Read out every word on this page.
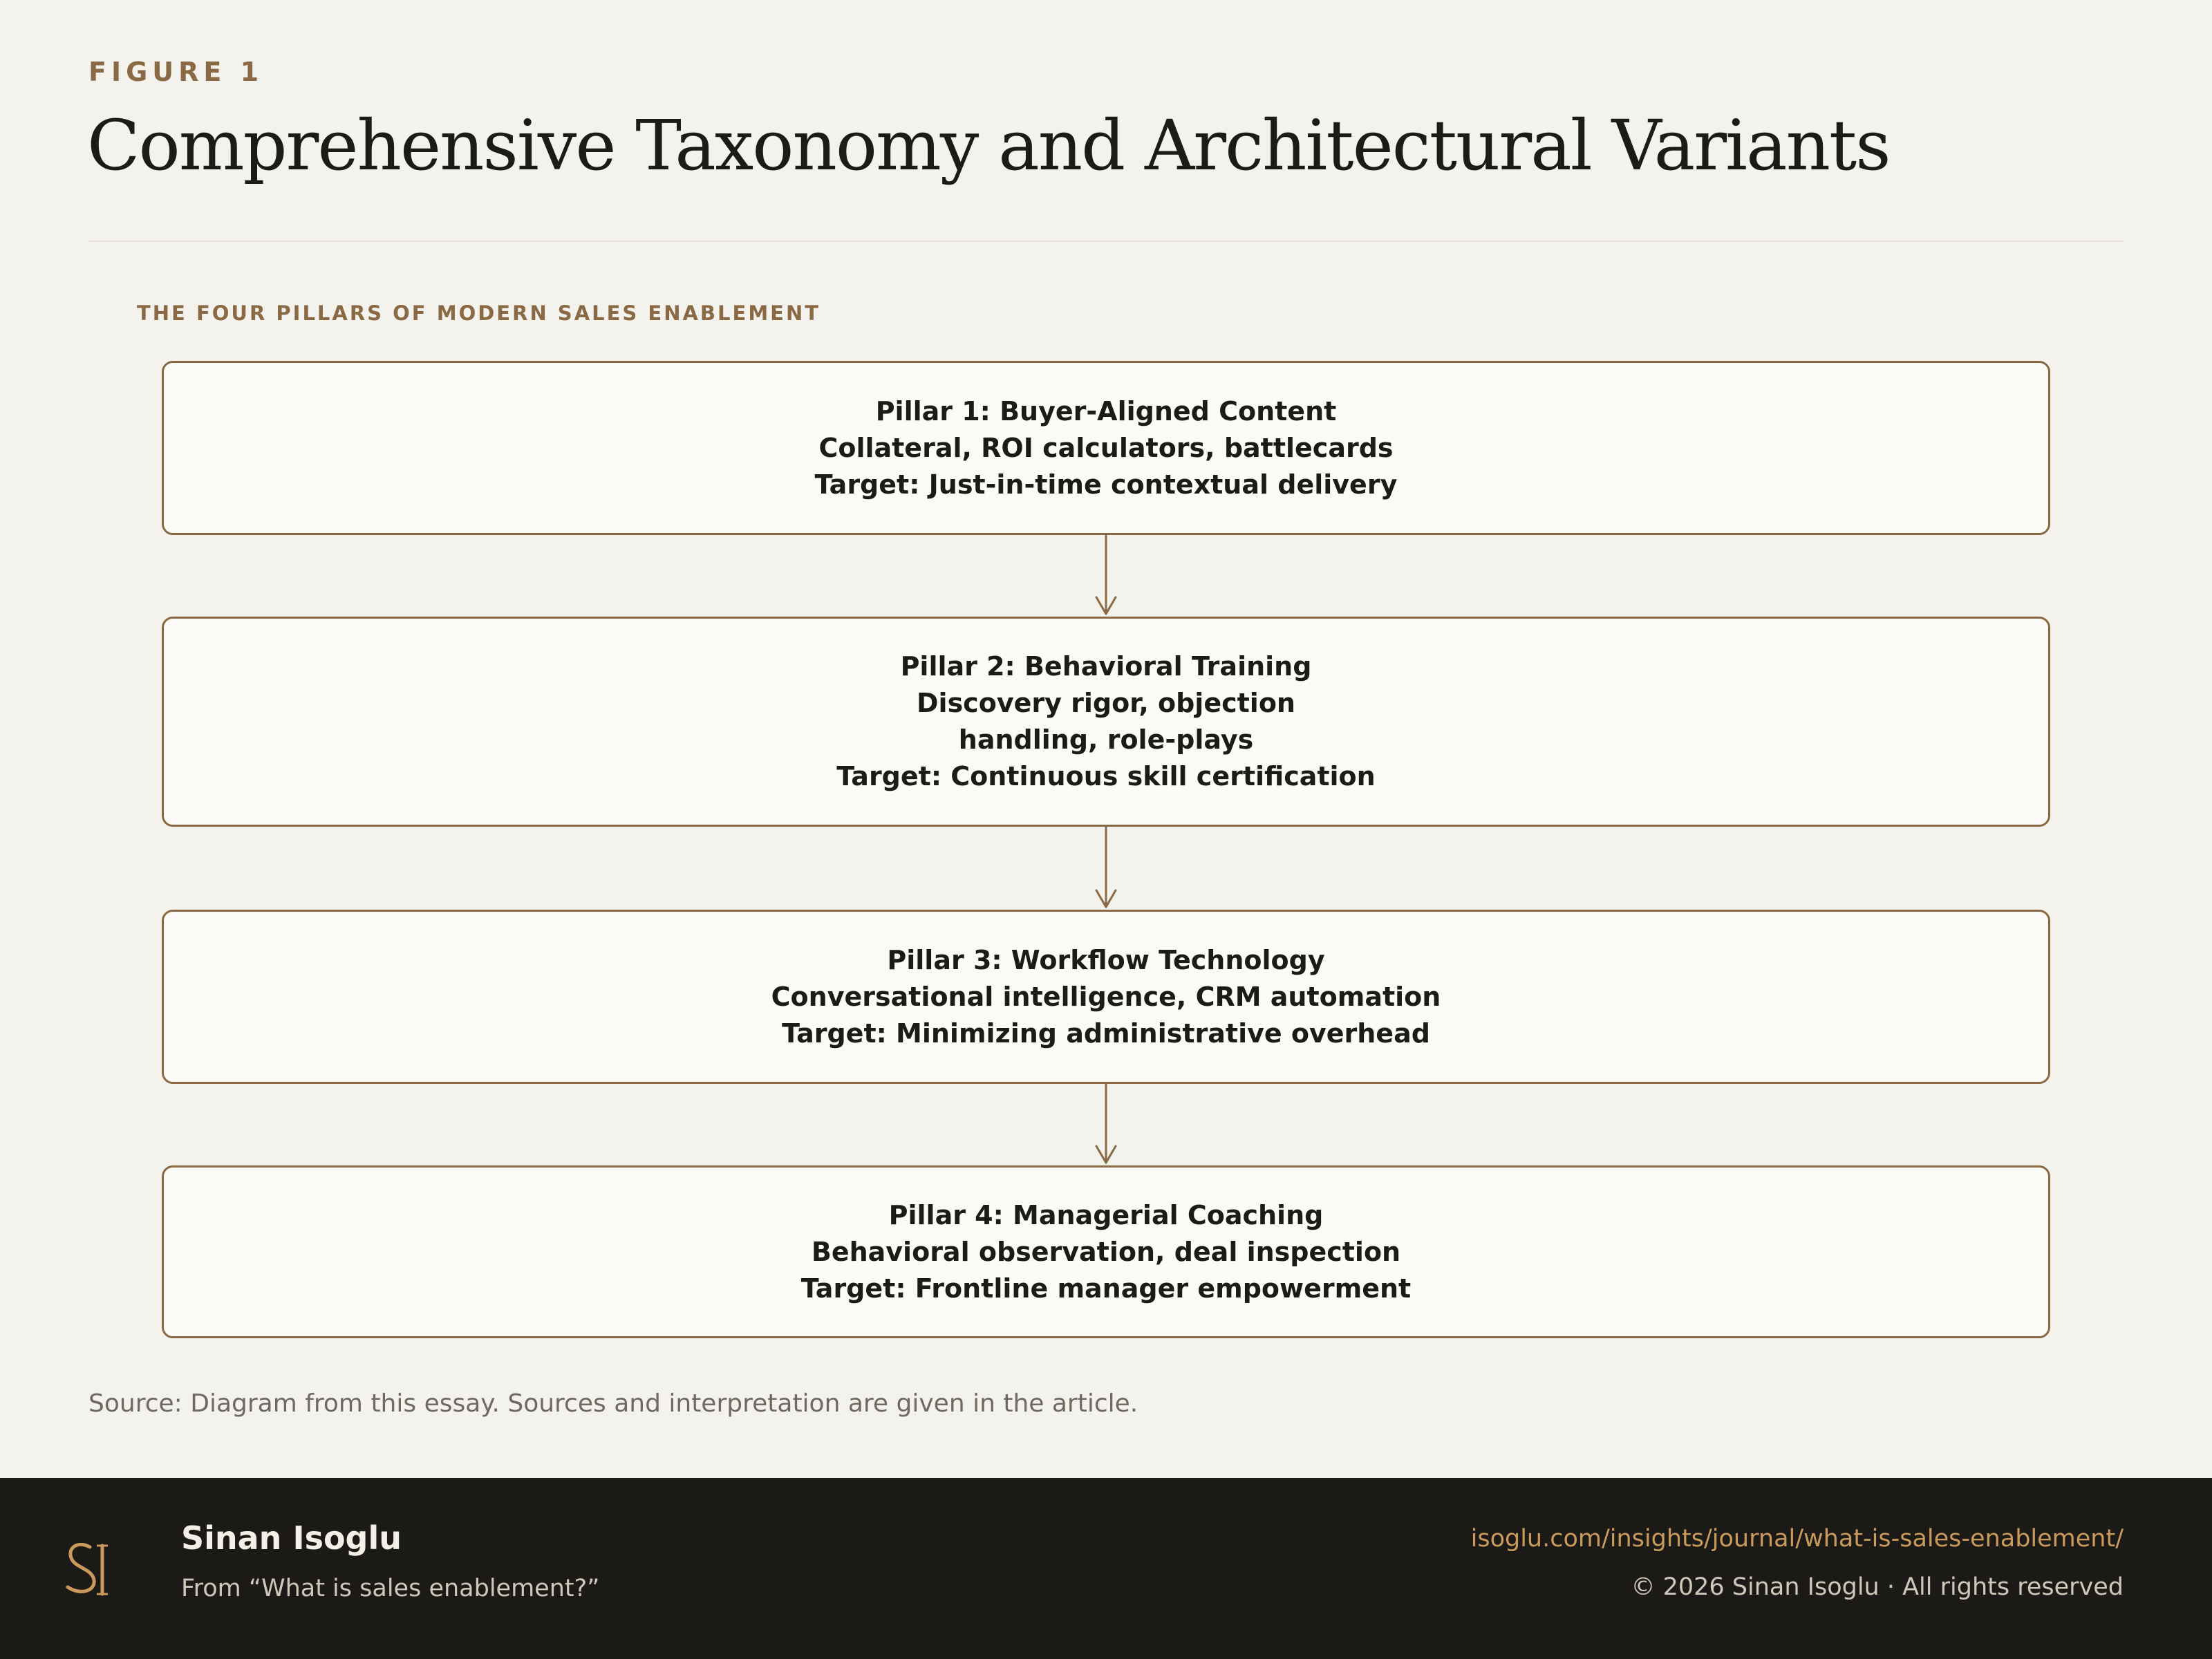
FIGURE 1
Comprehensive Taxonomy and Architectural Variants
THE FOUR PILLARS OF MODERN SALES ENABLEMENT
Pillar 1: Buyer-Aligned Content
Collateral, ROI calculators, battlecards
Target: Just-in-time contextual delivery
Pillar 2: Behavioral Training
Discovery rigor, objection handling, role-plays
Target: Continuous skill certification
Pillar 3: Workflow Technology
Conversational intelligence, CRM automation
Target: Minimizing administrative overhead
Pillar 4: Managerial Coaching
Behavioral observation, deal inspection
Target: Frontline manager empowerment
Source: Diagram from this essay. Sources and interpretation are given in the article.
Sinan Isoglu
From “What is sales enablement?”
isoglu.com/insights/journal/what-is-sales-enablement/
© 2026 Sinan Isoglu · All rights reserved
